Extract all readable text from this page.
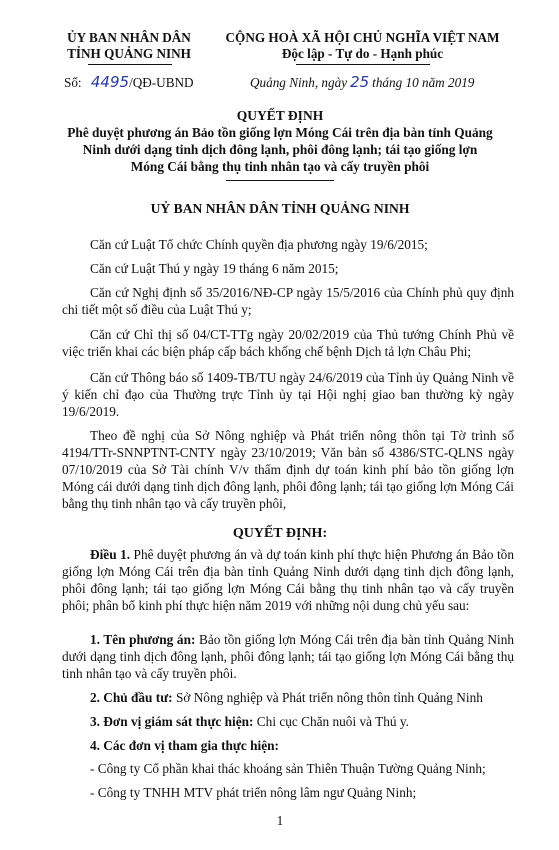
ỦY BAN NHÂN DÂN
TỈNH QUẢNG NINH
Số: 4495/QĐ-UBND
CỘNG HOÀ XÃ HỘI CHỦ NGHĨA VIỆT NAM
Độc lập - Tự do - Hạnh phúc
Quảng Ninh, ngày 25 tháng 10 năm 2019
QUYẾT ĐỊNH
Phê duyệt phương án Bảo tồn giống lợn Móng Cái trên địa bàn tỉnh Quảng
Ninh dưới dạng tinh dịch đông lạnh, phôi đông lạnh; tái tạo giống lợn
Móng Cái bằng thụ tinh nhân tạo và cấy truyền phôi
UỶ BAN NHÂN DÂN TỈNH QUẢNG NINH
Căn cứ Luật Tổ chức Chính quyền địa phương ngày 19/6/2015;
Căn cứ Luật Thú y ngày 19 tháng 6 năm 2015;
Căn cứ Nghị định số 35/2016/NĐ-CP ngày 15/5/2016 của Chính phủ quy định chi tiết một số điều của Luật Thú y;
Căn cứ Chỉ thị số 04/CT-TTg ngày 20/02/2019 của Thủ tướng Chính Phủ về việc triển khai các biện pháp cấp bách khống chế bệnh Dịch tả lợn Châu Phi;
Căn cứ Thông báo số 1409-TB/TU ngày 24/6/2019 của Tỉnh ủy Quảng Ninh về ý kiến chỉ đạo của Thường trực Tỉnh ủy tại Hội nghị giao ban thường kỳ ngày 19/6/2019.
Theo đề nghị của Sở Nông nghiệp và Phát triển nông thôn tại Tờ trình số 4194/TTr-SNNPTNT-CNTY ngày 23/10/2019; Văn bản số 4386/STC-QLNS ngày 07/10/2019 của Sở Tài chính V/v thẩm định dự toán kinh phí bảo tồn giống lợn Móng cái dưới dạng tinh dịch đông lạnh, phôi đông lạnh; tái tạo giống lợn Móng Cái bằng thụ tinh nhân tạo và cấy truyền phôi,
QUYẾT ĐỊNH:
Điều 1. Phê duyệt phương án và dự toán kinh phí thực hiện Phương án Bảo tồn giống lợn Móng Cái trên địa bàn tỉnh Quảng Ninh dưới dạng tinh dịch đông lạnh, phôi đông lạnh; tái tạo giống lợn Móng Cái bằng thụ tinh nhân tạo và cấy truyền phôi; phân bổ kinh phí thực hiện năm 2019 với những nội dung chủ yếu sau:
1. Tên phương án: Bảo tồn giống lợn Móng Cái trên địa bàn tỉnh Quảng Ninh dưới dạng tinh dịch đông lạnh, phôi đông lạnh; tái tạo giống lợn Móng Cái bằng thụ tinh nhân tạo và cấy truyền phôi.
2. Chủ đầu tư: Sở Nông nghiệp và Phát triển nông thôn tỉnh Quảng Ninh
3. Đơn vị giám sát thực hiện: Chi cục Chăn nuôi và Thú y.
4. Các đơn vị tham gia thực hiện:
- Công ty Cổ phần khai thác khoáng sản Thiên Thuận Tường Quảng Ninh;
- Công ty TNHH MTV phát triển nông lâm ngư Quảng Ninh;
1
